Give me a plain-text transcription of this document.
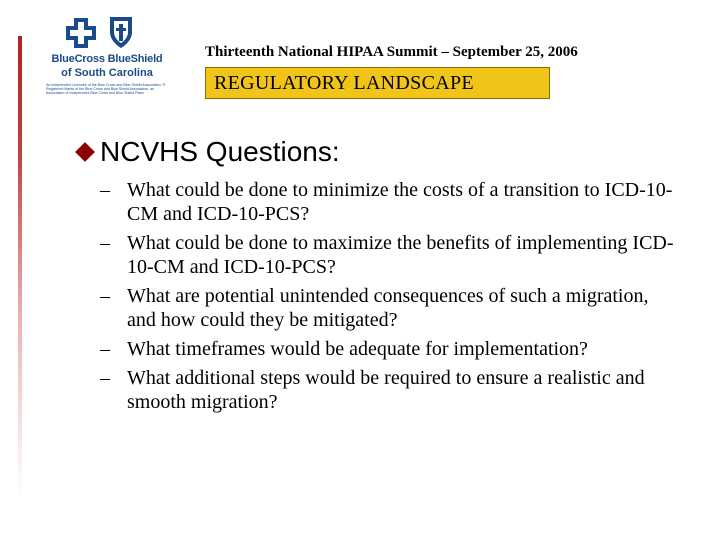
BlueCross BlueShield
of South Carolina
An Independent Licensee of the Blue Cross and Blue Shield Association. ® Registered Marks of the Blue Cross and Blue Shield Association, an Association of Independent Blue Cross and Blue Shield Plans.
Thirteenth National HIPAA Summit – September 25, 2006
REGULATORY LANDSCAPE
NCVHS Questions:
– What could be done to minimize the costs of a transition to ICD-10-CM and ICD-10-PCS?
– What could be done to maximize the benefits of implementing ICD-10-CM and ICD-10-PCS?
– What are potential unintended consequences of such a migration, and how could they be mitigated?
– What timeframes would be adequate for implementation?
– What additional steps would be required to ensure a realistic and smooth migration?
